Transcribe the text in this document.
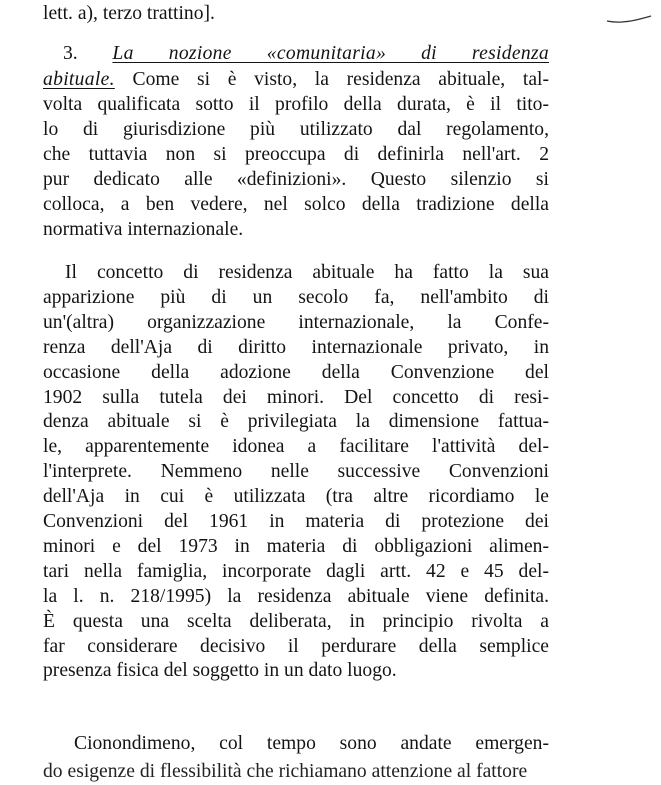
lett. a), terzo trattino].
3. La nozione «comunitaria» di residenza
abituale. Come si è visto, la residenza abituale, tal-
volta qualificata sotto il profilo della durata, è il tito-
lo di giurisdizione più utilizzato dal regolamento,
che tuttavia non si preoccupa di definirla nell'art. 2
pur dedicato alle «definizioni». Questo silenzio si
colloca, a ben vedere, nel solco della tradizione della
normativa internazionale.
Il concetto di residenza abituale ha fatto la sua
apparizione più di un secolo fa, nell'ambito di
un'(altra) organizzazione internazionale, la Confe-
renza dell'Aja di diritto internazionale privato, in
occasione della adozione della Convenzione del
1902 sulla tutela dei minori. Del concetto di resi-
denza abituale si è privilegiata la dimensione fattua-
le, apparentemente idonea a facilitare l'attività del-
l'interprete. Nemmeno nelle successive Convenzioni
dell'Aja in cui è utilizzata (tra altre ricordiamo le
Convenzioni del 1961 in materia di protezione dei
minori e del 1973 in materia di obbligazioni alimen-
tari nella famiglia, incorporate dagli artt. 42 e 45 del-
la l. n. 218/1995) la residenza abituale viene definita.
È questa una scelta deliberata, in principio rivolta a
far considerare decisivo il perdurare della semplice
presenza fisica del soggetto in un dato luogo.
Cionondimeno, col tempo sono andate emergen-
do esigenze di flessibilità che richiamano attenzione al fattore
